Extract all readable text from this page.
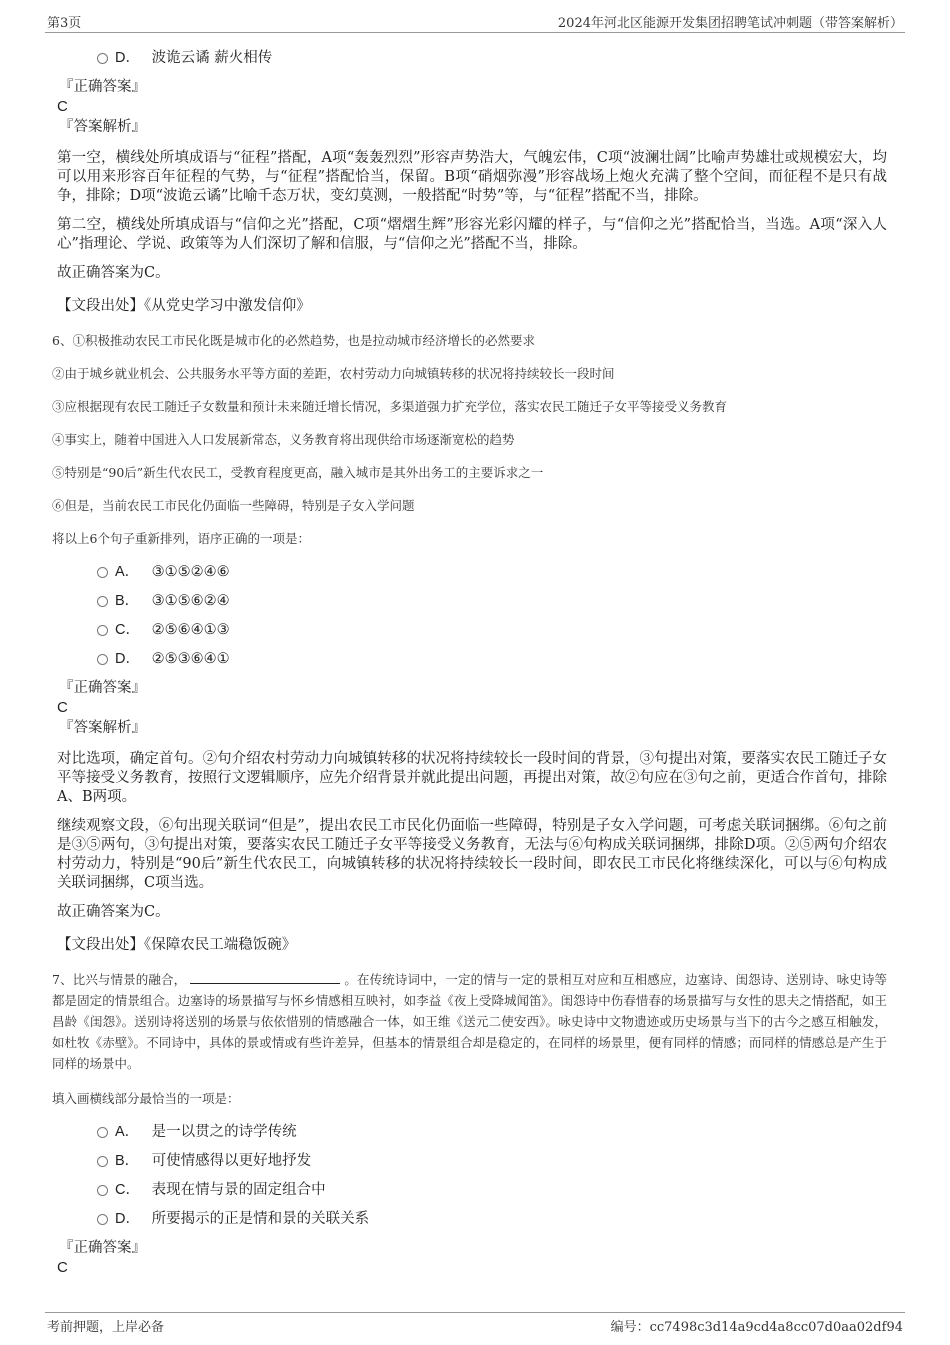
第3页	2024年河北区能源开发集团招聘笔试冲刺题（带答案解析）
D． 波诡云谲 薪火相传
『正确答案』
C
『答案解析』

第一空，横线处所填成语与“征程”搭配，A项“轰轰烈烈”形容声势浩大，气魄宏伟，C项“波澜壮阔”比喻声势雄壮或规模宏大，均可以用来形容百年征程的气势，与“征程”搭配恰当，保留。B项“硝烟弥漫”形容战场上炮火充满了整个空间，而征程不是只有战争，排除；D项“波诡云谲”比喻千态万状，变幻莫测，一般搭配“时势”等，与“征程”搭配不当，排除。

第二空，横线处所填成语与“信仰之光”搭配，C项“熠熠生辉”形容光彩闪耀的样子，与“信仰之光”搭配恰当，当选。A项“深入人心”指理论、学说、政策等为人们深切了解和信服，与“信仰之光”搭配不当，排除。

故正确答案为C。

【文段出处】《从党史学习中激发信仰》

6、①积极推动农民工市民化既是城市化的必然趋势，也是拉动城市经济增长的必然要求

②由于城乡就业机会、公共服务水平等方面的差距，农村劳动力向城镇转移的状况将持续较长一段时间

③应根据现有农民工随迁子女数量和预计未来随迁增长情况，多渠道强力扩充学位，落实农民工随迁子女平等接受义务教育

④事实上，随着中国进入人口发展新常态，义务教育将出现供给市场逐渐宽松的趋势

⑤特别是“90后”新生代农民工，受教育程度更高，融入城市是其外出务工的主要诉求之一

⑥但是，当前农民工市民化仍面临一些障碍，特别是子女入学问题

将以上6个句子重新排列，语序正确的一项是：

A． ③①⑤②④⑥
B． ③①⑤⑥②④
C． ②⑤⑥④①③
D． ②⑤③⑥④①
『正确答案』
C
『答案解析』

对比选项，确定首句。②句介绍农村劳动力向城镇转移的状况将持续较长一段时间的背景，③句提出对策，要落实农民工随迁子女平等接受义务教育，按照行文逻辑顺序，应先介绍背景并就此提出问题，再提出对策，故②句应在③句之前，更适合作首句，排除A、B两项。

继续观察文段，⑥句出现关联词“但是”，提出农民工市民化仍面临一些障碍，特别是子女入学问题，可考虑关联词捆绑。⑥句之前是③⑤两句，③句提出对策，要落实农民工随迁子女平等接受义务教育，无法与⑥句构成关联词捆绑，排除D项。②⑤两句介绍农村劳动力，特别是“90后”新生代农民工，向城镇转移的状况将持续较长一段时间，即农民工市民化将继续深化，可以与⑥句构成关联词捆绑，C项当选。

故正确答案为C。

【文段出处】《保障农民工端稳饭碗》

7、比兴与情景的融合，	。在传统诗词中，一定的情与一定的景相互对应和互相感应，边塞诗、闺怨诗、送别诗、咏史诗等都是固定的情景组合。边塞诗的场景描写与怀乡情感相互映衬，如李益《夜上受降城闻笛》。闺怨诗中伤春惜春的场景描写与女性的思夫之情搭配，如王昌龄《闺怨》。送别诗将送别的场景与依依惜别的情感融合一体，如王维《送元二使安西》。咏史诗中文物遗迹或历史场景与当下的古今之感互相触发，如杜牧《赤壁》。不同诗中，具体的景或情或有些许差异，但基本的情景组合却是稳定的，在同样的场景里，便有同样的情感；而同样的情感总是产生于同样的场景中。

填入画横线部分最恰当的一项是：

A． 是一以贯之的诗学传统
B． 可使情感得以更好地抒发
C． 表现在情与景的固定组合中
D． 所要揭示的正是情和景的关联关系
『正确答案』
C
考前押题，上岸必备	编号：cc7498c3d14a9cd4a8cc07d0aa02df94
